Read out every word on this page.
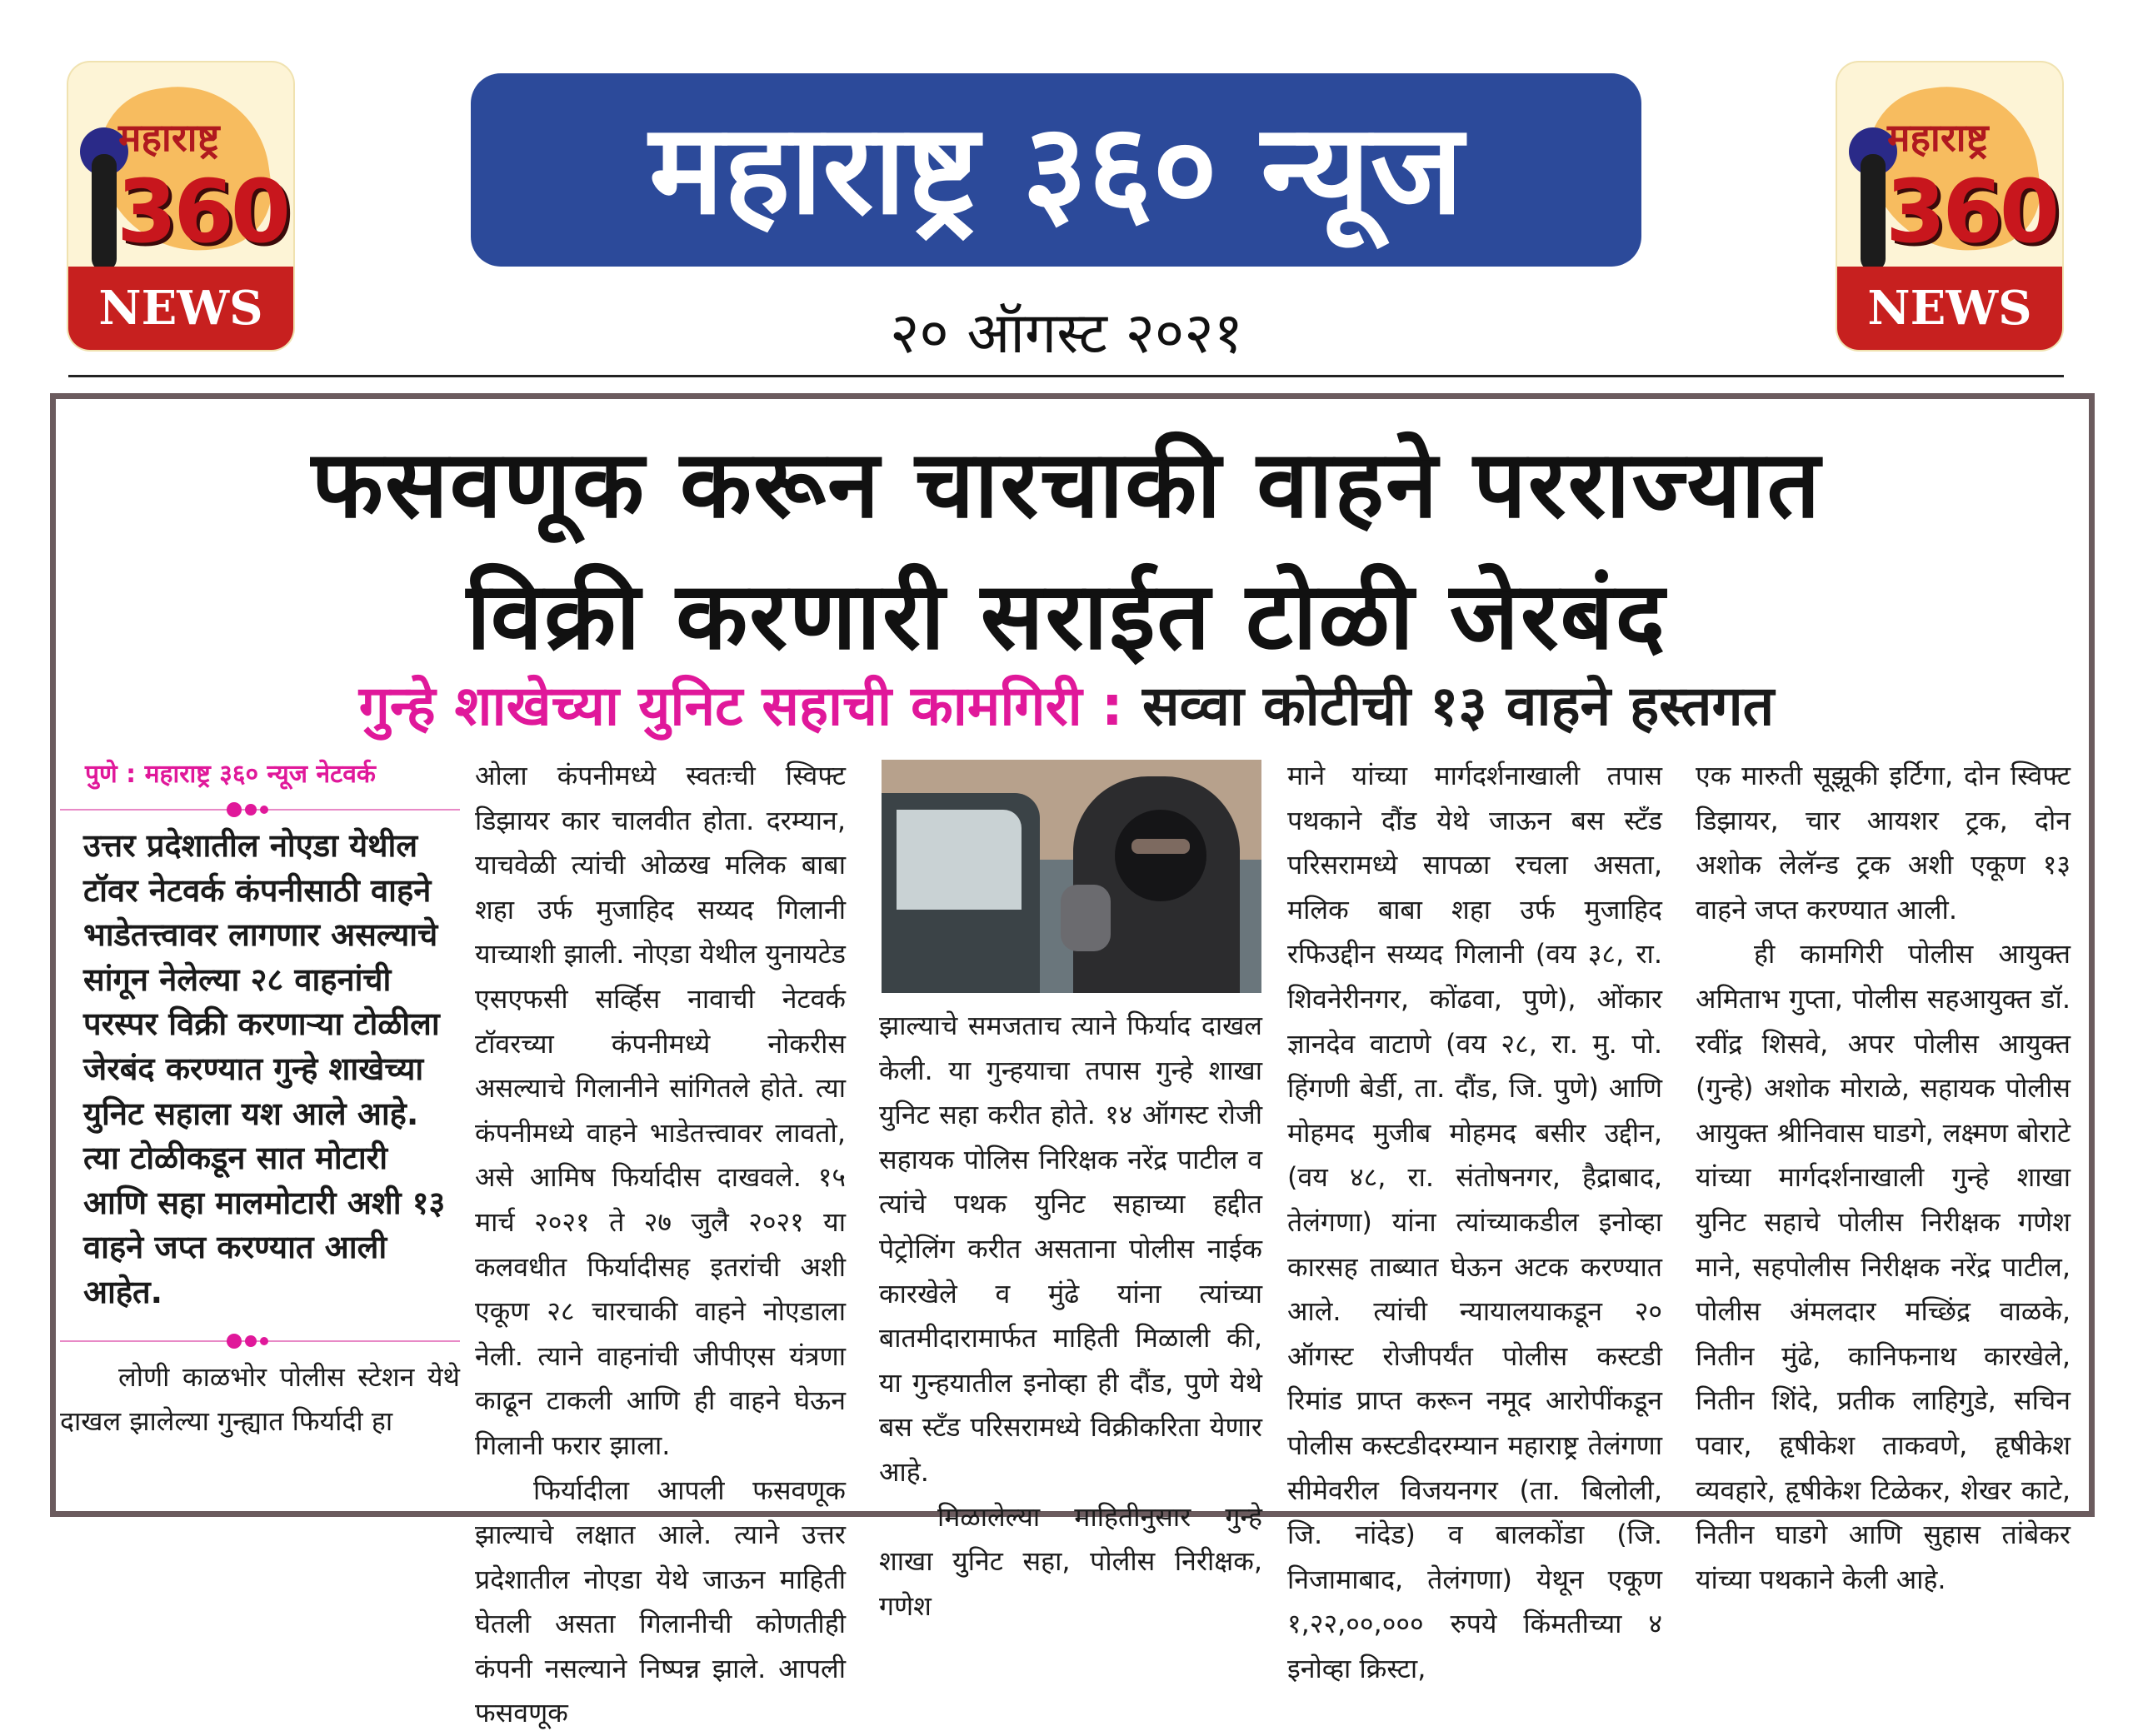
महाराष्ट्र
360
NEWS
महाराष्ट्र
360
NEWS
महाराष्ट्र ३६० न्यूज
२० ऑगस्ट २०२१
फसवणूक करून चारचाकी वाहने परराज्यात
विक्री करणारी सराईत टोळी जेरबंद
गुन्हे शाखेच्या युनिट सहाची कामगिरी : सव्वा कोटीची १३ वाहने हस्तगत
पुणे : महाराष्ट्र ३६० न्यूज नेटवर्क
उत्तर प्रदेशातील नोएडा येथील टॉवर नेटवर्क कंपनीसाठी वाहने भाडेतत्त्वावर लागणार असल्याचे सांगून नेलेल्या २८ वाहनांची परस्पर विक्री करणाऱ्या टोळीला जेरबंद करण्यात गुन्हे शाखेच्या युनिट सहाला यश आले आहे. त्या टोळीकडून सात मोटारी आणि सहा मालमोटारी अशी १३ वाहने जप्त करण्यात आली आहेत.

लोणी काळभोर पोलीस स्टेशन येथे दाखल झालेल्या गुन्ह्यात फिर्यादी हा

ओला कंपनीमध्ये स्वतःची स्विफ्ट डिझायर कार चालवीत होता. दरम्यान, याचवेळी त्यांची ओळख मलिक बाबा शहा उर्फ मुजाहिद सय्यद गिलानी याच्याशी झाली. नोएडा येथील युनायटेड एसएफसी सर्व्हिस नावाची नेटवर्क टॉवरच्या कंपनीमध्ये नोकरीस असल्याचे गिलानीने सांगितले होते. त्या कंपनीमध्ये वाहने भाडेतत्त्वावर लावतो, असे आमिष फिर्यादीस दाखवले. १५ मार्च २०२१ ते २७ जुलै २०२१ या कलवधीत फिर्यादीसह इतरांची अशी एकूण २८ चारचाकी वाहने नोएडाला नेली. त्याने वाहनांची जीपीएस यंत्रणा काढून टाकली आणि ही वाहने घेऊन गिलानी फरार झाला.

फिर्यादीला आपली फसवणूक झाल्याचे लक्षात आले. त्याने उत्तर प्रदेशातील नोएडा येथे जाऊन माहिती घेतली असता गिलानीची कोणतीही कंपनी नसल्याने निष्पन्न झाले. आपली फसवणूक

झाल्याचे समजताच त्याने फिर्याद दाखल केली. या गुन्हयाचा तपास गुन्हे शाखा युनिट सहा करीत होते. १४ ऑगस्ट रोजी सहायक पोलिस निरिक्षक नरेंद्र पाटील व त्यांचे पथक युनिट सहाच्या हद्दीत पेट्रोलिंग करीत असताना पोलीस नाईक कारखेले व मुंढे यांना त्यांच्या बातमीदारामार्फत माहिती मिळाली की, या गुन्हयातील इनोव्हा ही दौंड, पुणे येथे बस स्टँड परिसरामध्ये विक्रीकरिता येणार आहे.

मिळालेल्या माहितीनुसार गुन्हे शाखा युनिट सहा, पोलीस निरीक्षक, गणेश

माने यांच्या मार्गदर्शनाखाली तपास पथकाने दौंड येथे जाऊन बस स्टँड परिसरामध्ये सापळा रचला असता, मलिक बाबा शहा उर्फ मुजाहिद रफिउद्दीन सय्यद गिलानी (वय ३८, रा. शिवनेरीनगर, कोंढवा, पुणे), ओंकार ज्ञानदेव वाटाणे (वय २८, रा. मु. पो. हिंगणी बेर्डी, ता. दौंड, जि. पुणे) आणि मोहमद मुजीब मोहमद बसीर उद्दीन, (वय ४८, रा. संतोषनगर, हैद्राबाद, तेलंगणा) यांना त्यांच्याकडील इनोव्हा कारसह ताब्यात घेऊन अटक करण्यात आले. त्यांची न्यायालयाकडून २० ऑगस्ट रोजीपर्यंत पोलीस कस्टडी रिमांड प्राप्त करून नमूद आरोपींकडून पोलीस कस्टडीदरम्यान महाराष्ट्र तेलंगणा सीमेवरील विजयनगर (ता. बिलोली, जि. नांदेड) व बालकोंडा (जि. निजामाबाद, तेलंगणा) येथून एकूण १,२२,००,००० रुपये किंमतीच्या ४ इनोव्हा क्रिस्टा,

एक मारुती सूझूकी इर्टिगा, दोन स्विफ्ट डिझायर, चार आयशर ट्रक, दोन अशोक लेलॅन्ड ट्रक अशी एकूण १३ वाहने जप्त करण्यात आली.

ही कामगिरी पोलीस आयुक्त अमिताभ गुप्ता, पोलीस सहआयुक्त डॉ. रवींद्र शिसवे, अपर पोलीस आयुक्त (गुन्हे) अशोक मोराळे, सहायक पोलीस आयुक्त श्रीनिवास घाडगे, लक्ष्मण बोराटे यांच्या मार्गदर्शनाखाली गुन्हे शाखा युनिट सहाचे पोलीस निरीक्षक गणेश माने, सहपोलीस निरीक्षक नरेंद्र पाटील, पोलीस अंमलदार मच्छिंद्र वाळके, नितीन मुंढे, कानिफनाथ कारखेले, नितीन शिंदे, प्रतीक लाहिगुडे, सचिन पवार, हृषीकेश ताकवणे, हृषीकेश व्यवहारे, हृषीकेश टिळेकर, शेखर काटे, नितीन घाडगे आणि सुहास तांबेकर यांच्या पथकाने केली आहे.
